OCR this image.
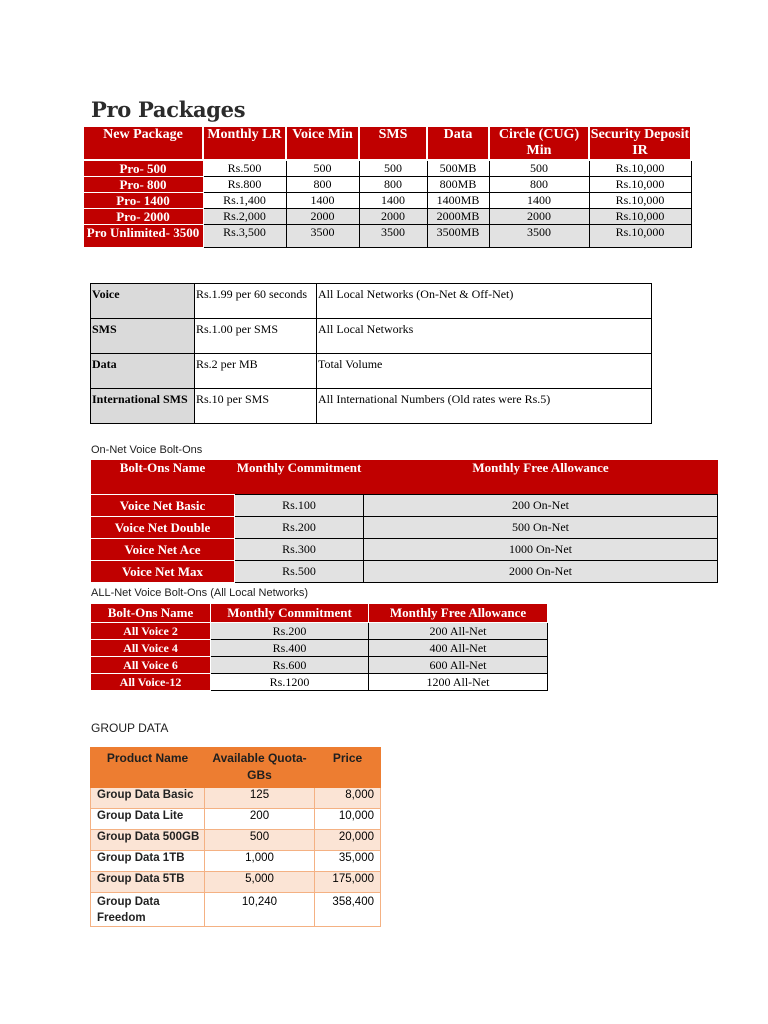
Pro Packages
New Package	Monthly LR	Voice Min	SMS	Data	Circle (CUG) Min	Security Deposit IR
Pro- 500	Rs.500	500	500	500MB	500	Rs.10,000
Pro- 800	Rs.800	800	800	800MB	800	Rs.10,000
Pro- 1400	Rs.1,400	1400	1400	1400MB	1400	Rs.10,000
Pro- 2000	Rs.2,000	2000	2000	2000MB	2000	Rs.10,000
Pro Unlimited- 3500	Rs.3,500	3500	3500	3500MB	3500	Rs.10,000
Voice	Rs.1.99 per 60 seconds	All Local Networks (On-Net & Off-Net)
SMS	Rs.1.00 per SMS	All Local Networks
Data	Rs.2 per MB	Total Volume
International SMS	Rs.10 per SMS	All International Numbers (Old rates were Rs.5)
On-Net Voice Bolt-Ons
Bolt-Ons Name	Monthly Commitment	Monthly Free Allowance
Voice Net Basic	Rs.100	200 On-Net
Voice Net Double	Rs.200	500 On-Net
Voice Net Ace	Rs.300	1000 On-Net
Voice Net Max	Rs.500	2000 On-Net
ALL-Net Voice Bolt-Ons (All Local Networks)
Bolt-Ons Name	Monthly Commitment	Monthly Free Allowance
All Voice 2	Rs.200	200 All-Net
All Voice 4	Rs.400	400 All-Net
All Voice 6	Rs.600	600 All-Net
All Voice-12	Rs.1200	1200 All-Net
GROUP DATA
Product Name	Available Quota-GBs	Price
Group Data Basic	125	8,000
Group Data Lite	200	10,000
Group Data 500GB	500	20,000
Group Data 1TB	1,000	35,000
Group Data 5TB	5,000	175,000
Group Data Freedom	10,240	358,400
